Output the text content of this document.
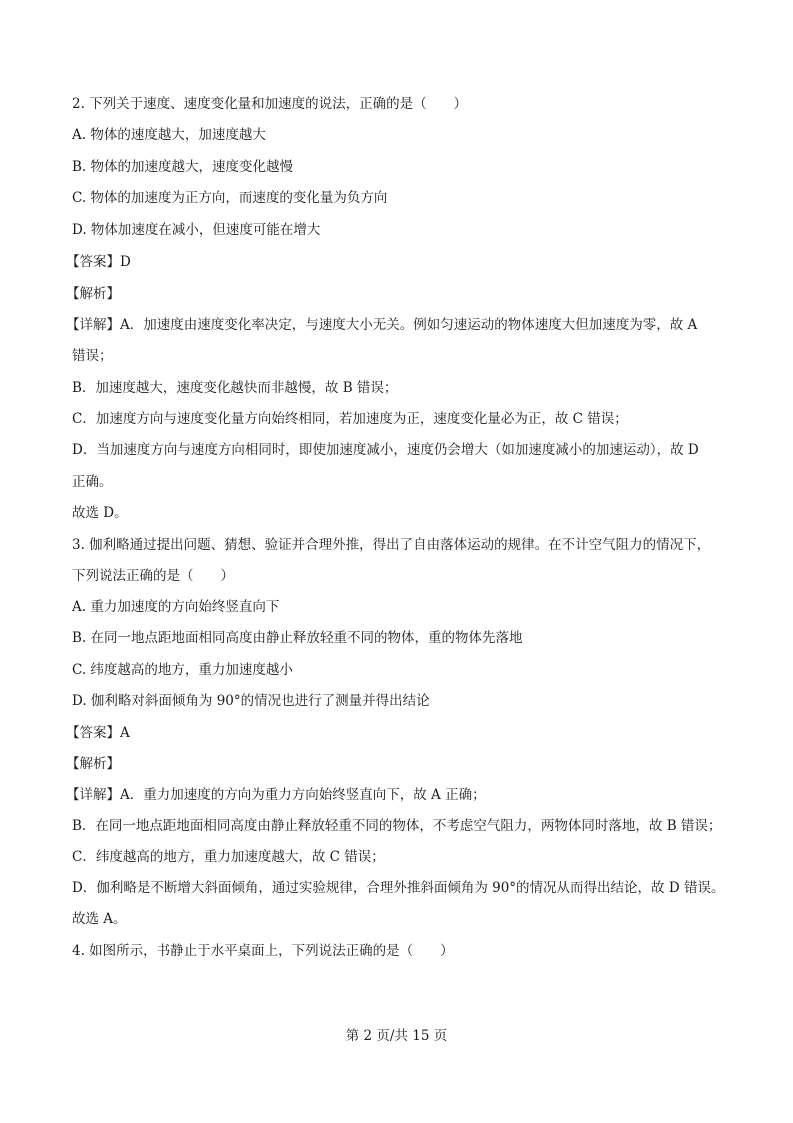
2. 下列关于速度、速度变化量和加速度的说法，正确的是（　　）
A. 物体的速度越大，加速度越大
B. 物体的加速度越大，速度变化越慢
C. 物体的加速度为正方向，而速度的变化量为负方向
D. 物体加速度在减小，但速度可能在增大
【答案】D
【解析】
【详解】A．加速度由速度变化率决定，与速度大小无关。例如匀速运动的物体速度大但加速度为零，故 A
错误；
B．加速度越大，速度变化越快而非越慢，故 B 错误；
C．加速度方向与速度变化量方向始终相同，若加速度为正，速度变化量必为正，故 C 错误；
D．当加速度方向与速度方向相同时，即使加速度减小，速度仍会增大（如加速度减小的加速运动），故 D
正确。
故选 D。
3. 伽利略通过提出问题、猜想、验证并合理外推，得出了自由落体运动的规律。在不计空气阻力的情况下，
下列说法正确的是（　　）
A. 重力加速度的方向始终竖直向下
B. 在同一地点距地面相同高度由静止释放轻重不同的物体，重的物体先落地
C. 纬度越高的地方，重力加速度越小
D. 伽利略对斜面倾角为 90°的情况也进行了测量并得出结论
【答案】A
【解析】
【详解】A．重力加速度的方向为重力方向始终竖直向下，故 A 正确；
B．在同一地点距地面相同高度由静止释放轻重不同的物体，不考虑空气阻力，两物体同时落地，故 B 错误；
C．纬度越高的地方，重力加速度越大，故 C 错误；
D．伽利略是不断增大斜面倾角，通过实验规律，合理外推斜面倾角为 90°的情况从而得出结论，故 D 错误。
故选 A。
4. 如图所示，书静止于水平桌面上，下列说法正确的是（　　）
第 2 页/共 15 页
